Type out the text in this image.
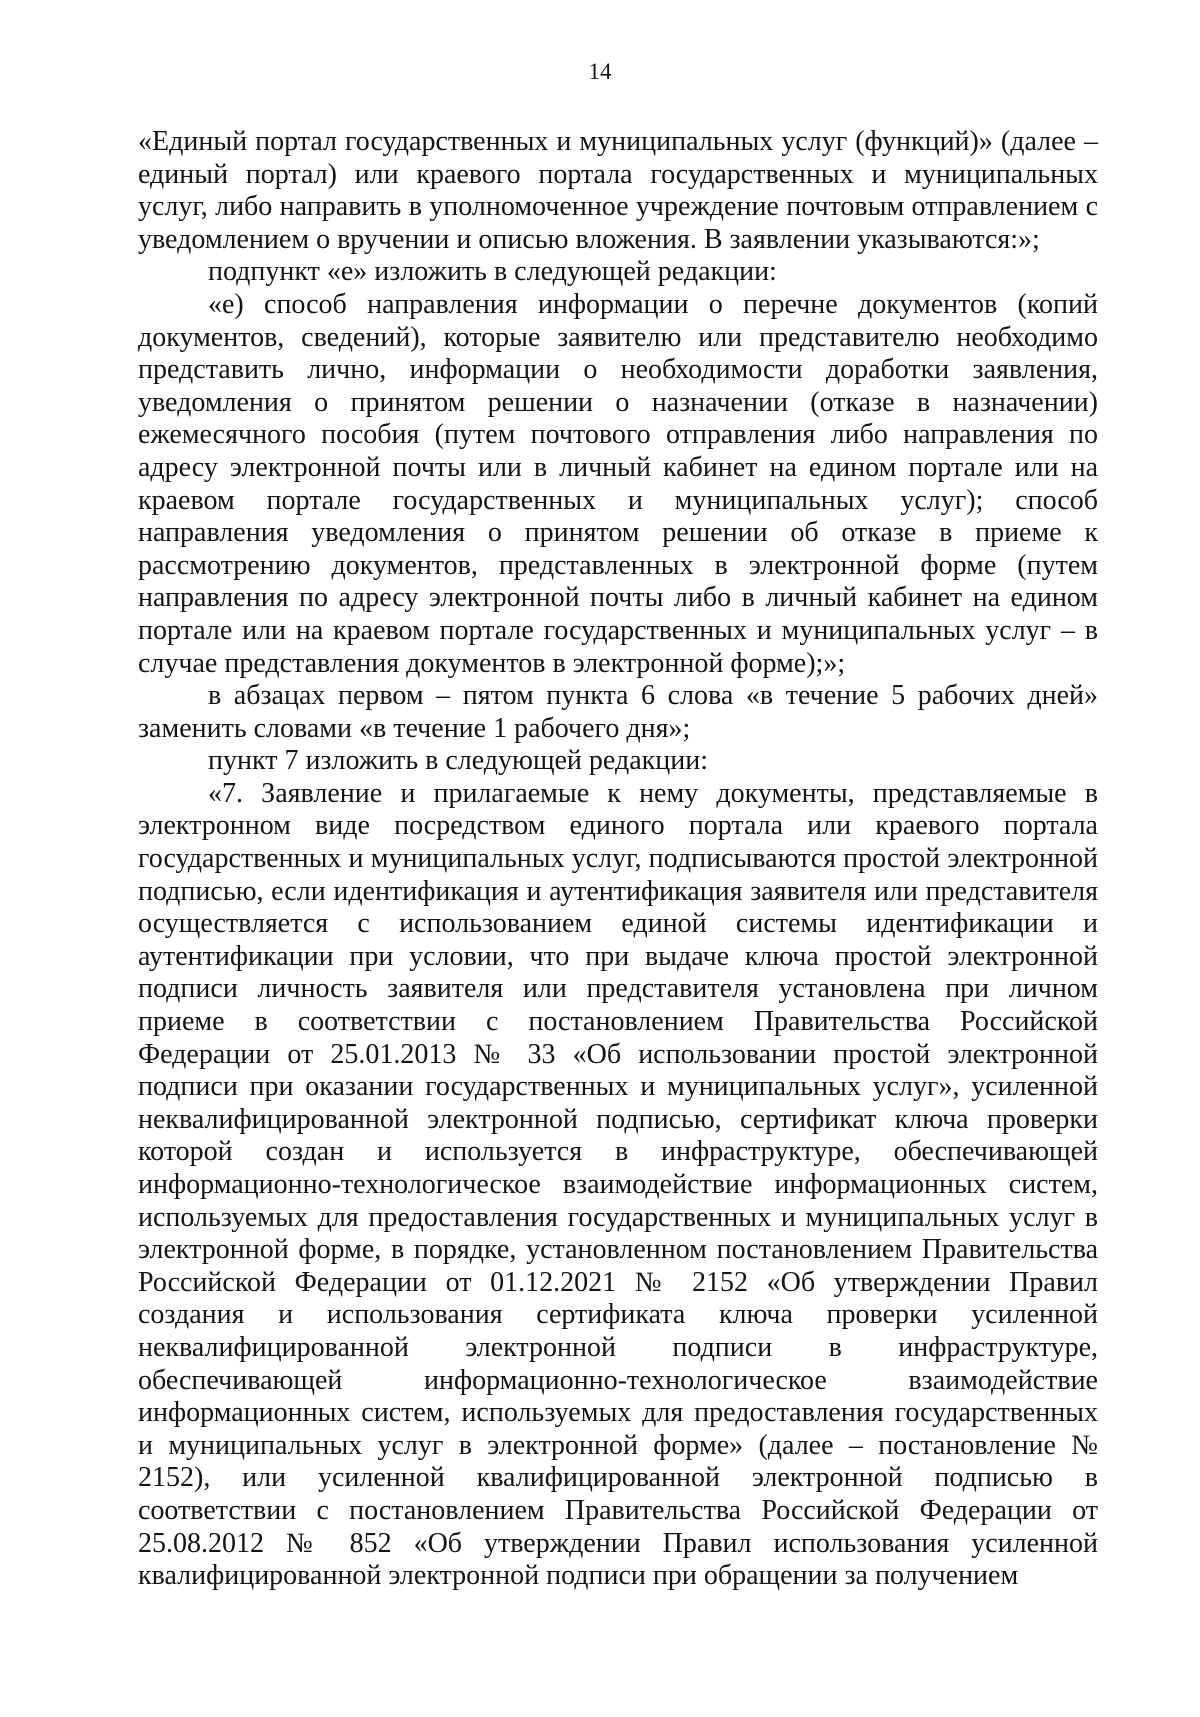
14

«Единый портал государственных и муниципальных услуг (функций)» (далее – единый портал) или краевого портала государственных и муниципальных услуг, либо направить в уполномоченное учреждение почтовым отправлением с уведомлением о вручении и описью вложения. В заявлении указываются:»;

подпункт «е» изложить в следующей редакции:

«е) способ направления информации о перечне документов (копий документов, сведений), которые заявителю или представителю необходимо представить лично, информации о необходимости доработки заявления, уведомления о принятом решении о назначении (отказе в назначении) ежемесячного пособия (путем почтового отправления либо направления по адресу электронной почты или в личный кабинет на едином портале или на краевом портале государственных и муниципальных услуг); способ направления уведомления о принятом решении об отказе в приеме к рассмотрению документов, представленных в электронной форме (путем направления по адресу электронной почты либо в личный кабинет на едином портале или на краевом портале государственных и муниципальных услуг – в случае представления документов в электронной форме);»;

в абзацах первом – пятом пункта 6 слова «в течение 5 рабочих дней» заменить словами «в течение 1 рабочего дня»;

пункт 7 изложить в следующей редакции:

«7. Заявление и прилагаемые к нему документы, представляемые в электронном виде посредством единого портала или краевого портала государственных и муниципальных услуг, подписываются простой электронной подписью, если идентификация и аутентификация заявителя или представителя осуществляется с использованием единой системы идентификации и аутентификации при условии, что при выдаче ключа простой электронной подписи личность заявителя или представителя установлена при личном приеме в соответствии с постановлением Правительства Российской Федерации от 25.01.2013 № 33 «Об использовании простой электронной подписи при оказании государственных и муниципальных услуг», усиленной неквалифицированной электронной подписью, сертификат ключа проверки которой создан и используется в инфраструктуре, обеспечивающей информационно-технологическое взаимодействие информационных систем, используемых для предоставления государственных и муниципальных услуг в электронной форме, в порядке, установленном постановлением Правительства Российской Федерации от 01.12.2021 № 2152 «Об утверждении Правил создания и использования сертификата ключа проверки усиленной неквалифицированной электронной подписи в инфраструктуре, обеспечивающей информационно-технологическое взаимодействие информационных систем, используемых для предоставления государственных и муниципальных услуг в электронной форме» (далее – постановление № 2152), или усиленной квалифицированной электронной подписью в соответствии с постановлением Правительства Российской Федерации от 25.08.2012 № 852 «Об утверждении Правил использования усиленной квалифицированной электронной подписи при обращении за получением
